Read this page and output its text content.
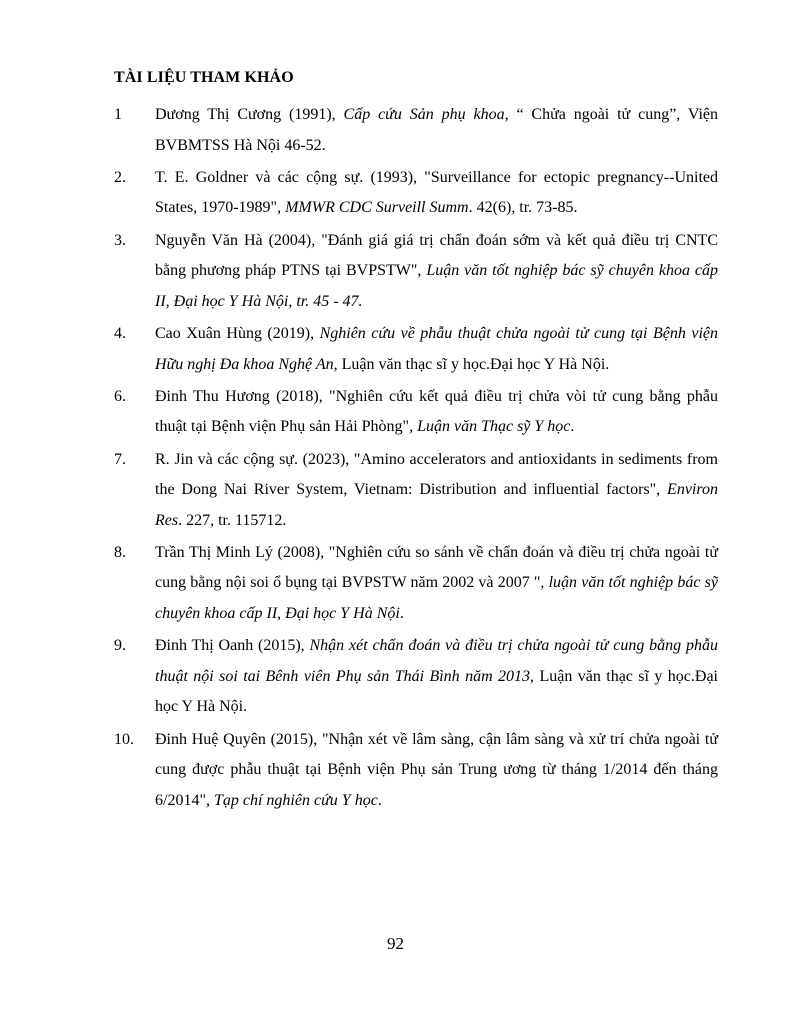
TÀI LIỆU THAM KHẢO
1 Dương Thị Cương (1991), Cấp cứu Sản phụ khoa, “ Chửa ngoài tử cung”, Viện BVBMTSS Hà Nội 46-52.
2. T. E. Goldner và các cộng sự. (1993), "Surveillance for ectopic pregnancy--United States, 1970-1989", MMWR CDC Surveill Summ. 42(6), tr. 73-85.
3. Nguyễn Văn Hà (2004), "Đánh giá giá trị chẩn đoán sớm và kết quả điều trị CNTC bằng phương pháp PTNS tại BVPSTW", Luận văn tốt nghiệp bác sỹ chuyên khoa cấp II, Đại học Y Hà Nội, tr. 45 - 47.
4. Cao Xuân Hùng (2019), Nghiên cứu về phẫu thuật chửa ngoài tử cung tại Bệnh viện Hữu nghị Đa khoa Nghệ An, Luận văn thạc sĩ y học.Đại học Y Hà Nội.
6. Đinh Thu Hương (2018), "Nghiên cứu kết quả điều trị chửa vòi tử cung bằng phẫu thuật tại Bệnh viện Phụ sản Hải Phòng", Luận văn Thạc sỹ Y học.
7. R. Jin và các cộng sự. (2023), "Amino accelerators and antioxidants in sediments from the Dong Nai River System, Vietnam: Distribution and influential factors", Environ Res. 227, tr. 115712.
8. Trần Thị Minh Lý (2008), "Nghiên cứu so sánh về chẩn đoán và điều trị chửa ngoài tử cung bằng nội soi ổ bụng tại BVPSTW năm 2002 và 2007 ", luận văn tốt nghiệp bác sỹ chuyên khoa cấp II, Đại học Y Hà Nội.
9. Đinh Thị Oanh (2015), Nhận xét chẩn đoán và điều trị chửa ngoài tử cung bằng phẫu thuật nội soi tai Bênh viên Phụ sản Thái Bình năm 2013, Luận văn thạc sĩ y học.Đại học Y Hà Nội.
10. Đinh Huệ Quyên (2015), "Nhận xét về lâm sàng, cận lâm sàng và xử trí chửa ngoài tử cung được phẫu thuật tại Bệnh viện Phụ sản Trung ương từ tháng 1/2014 đến tháng 6/2014", Tạp chí nghiên cứu Y học.
92
